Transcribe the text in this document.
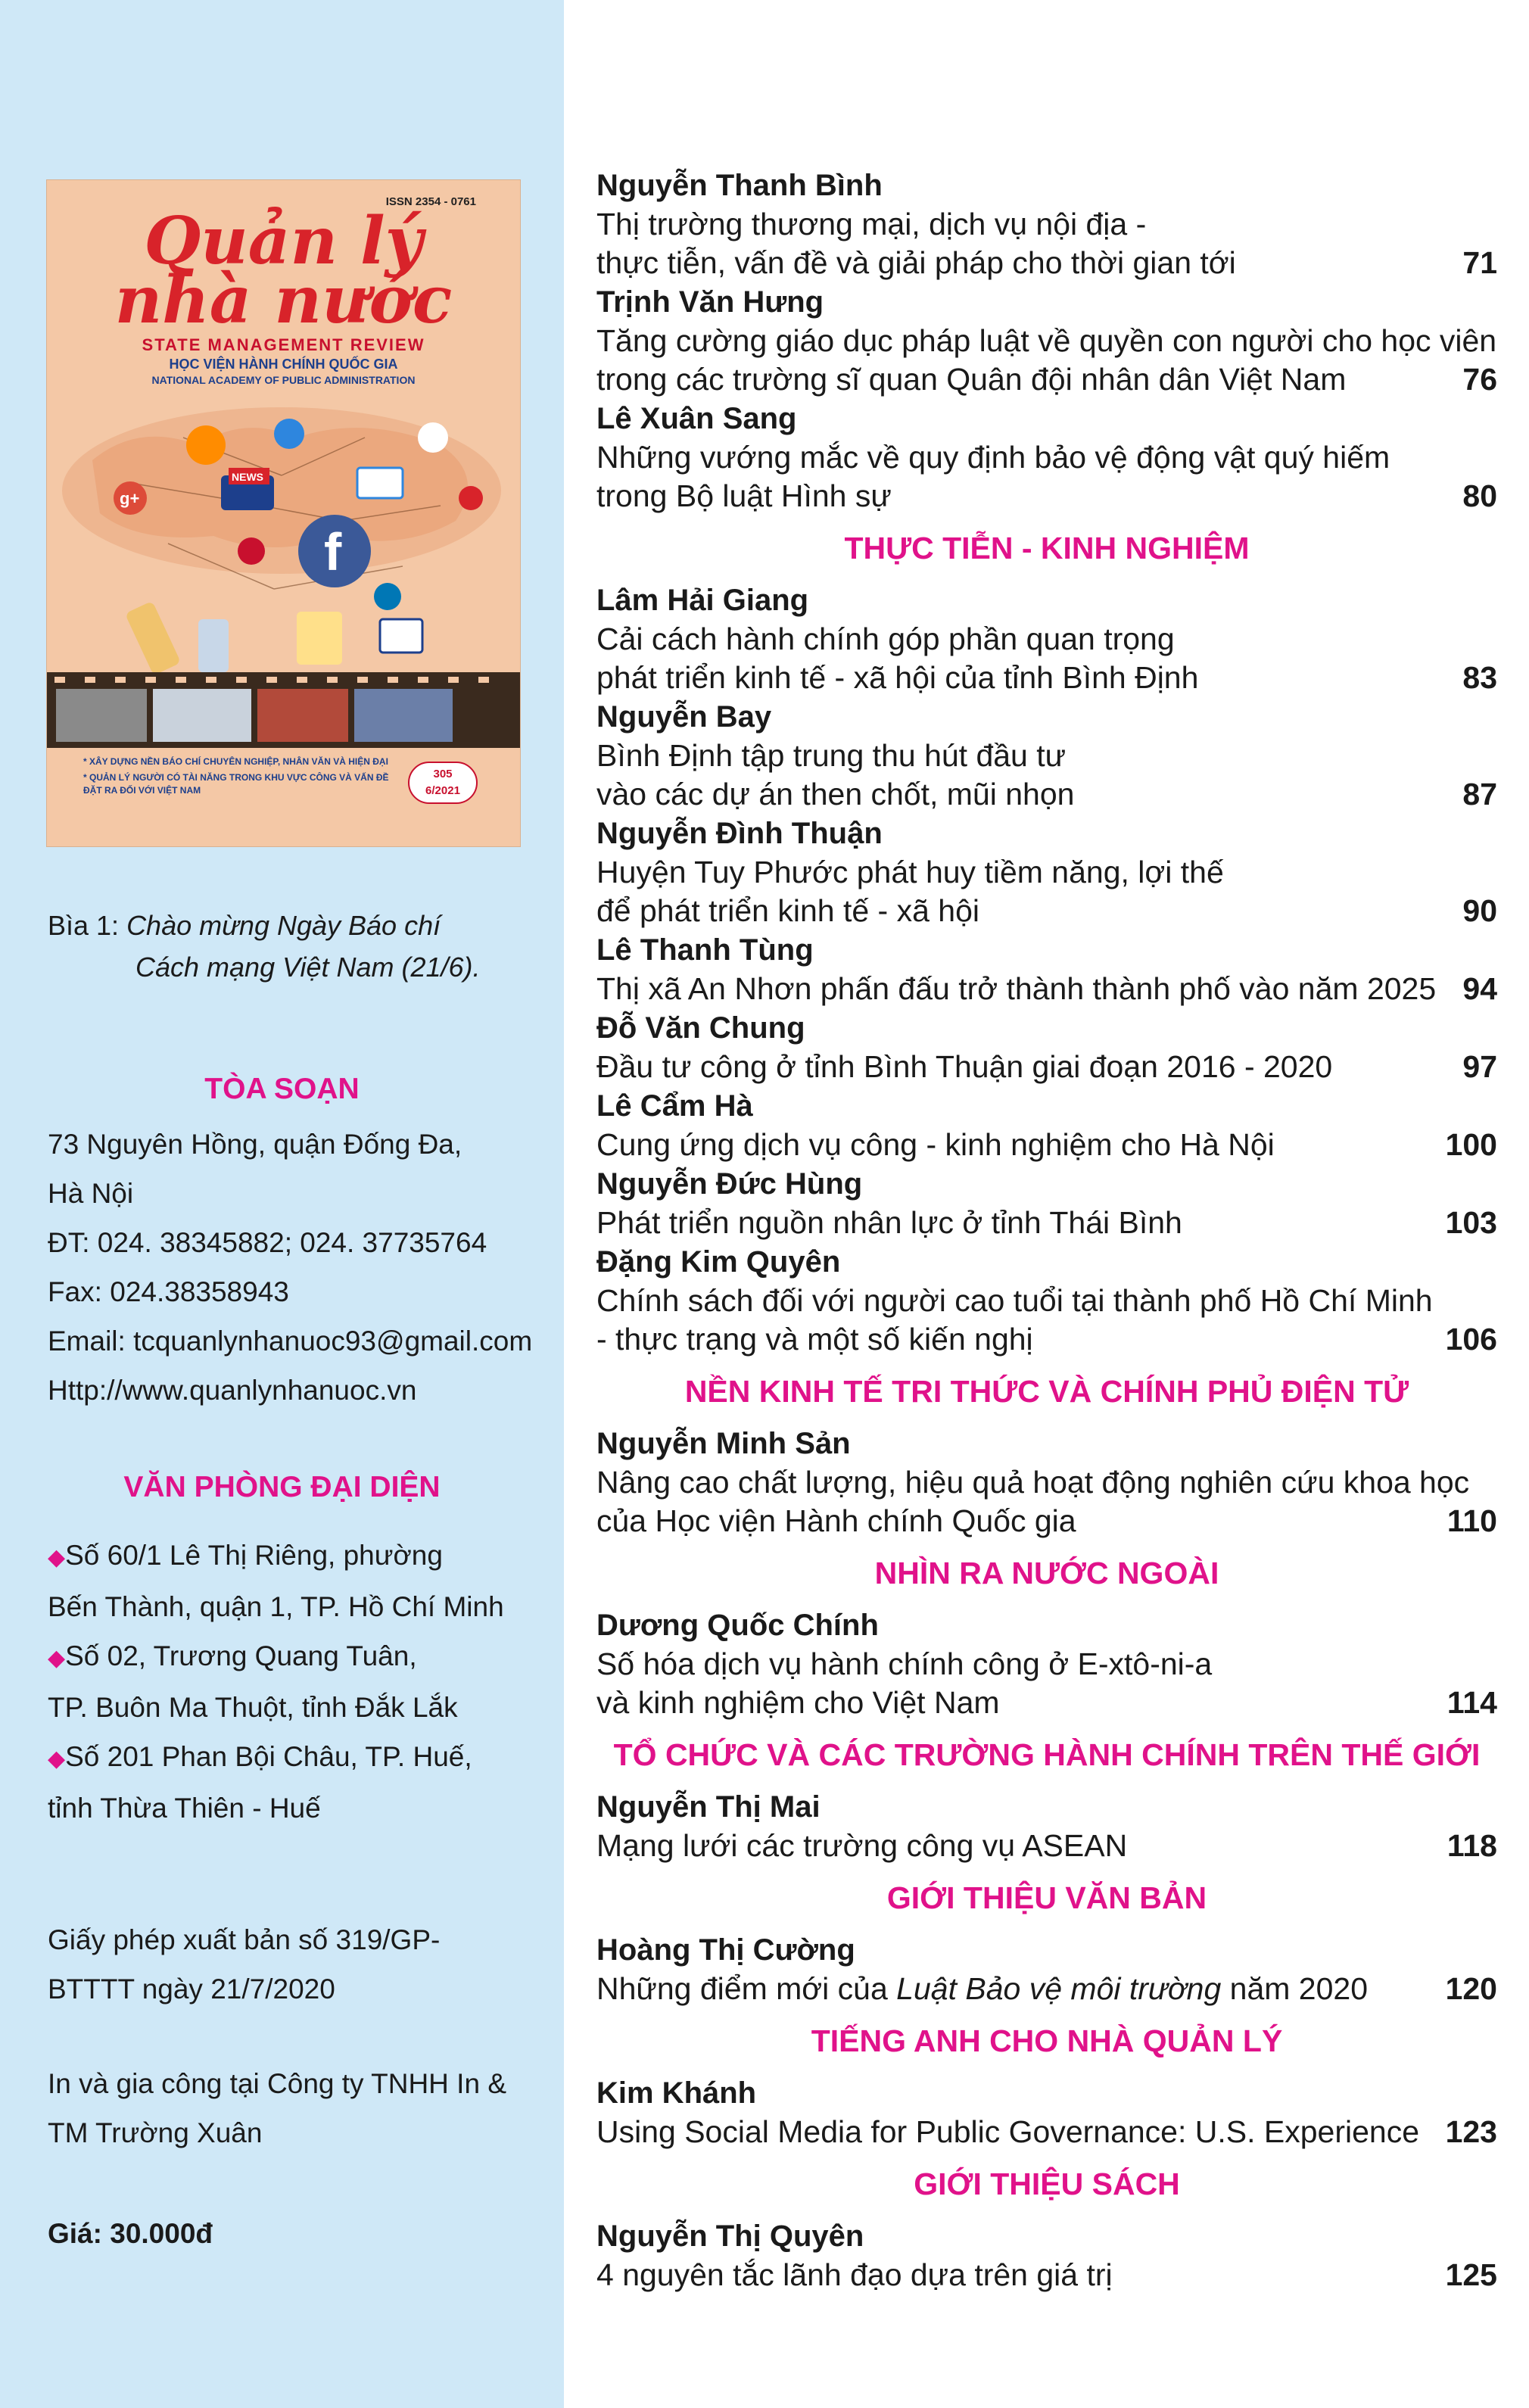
ISSN 2354 - 0761
Quản lý
nhà nước
STATE MANAGEMENT REVIEW
HỌC VIỆN HÀNH CHÍNH QUỐC GIA
NATIONAL ACADEMY OF PUBLIC ADMINISTRATION
f
g+
NEWS

* XÂY DỰNG NỀN BÁO CHÍ CHUYÊN NGHIỆP, NHÂN VĂN VÀ HIỆN ĐẠI

* QUẢN LÝ NGƯỜI CÓ TÀI NĂNG TRONG KHU VỰC CÔNG VÀ VẤN ĐỀ ĐẶT RA ĐỐI VỚI VIỆT NAM

305
6/2021
Bìa 1: Chào mừng Ngày Báo chí
Cách mạng Việt Nam (21/6).
TÒA SOẠN
73 Nguyên Hồng, quận Đống Đa,
Hà Nội
ĐT: 024. 38345882; 024. 37735764
Fax: 024.38358943
Email: tcquanlynhanuoc93@gmail.com
Http://www.quanlynhanuoc.vn
VĂN PHÒNG ĐẠI DIỆN
◆Số 60/1 Lê Thị Riêng, phường
Bến Thành, quận 1, TP. Hồ Chí Minh
◆Số 02, Trương Quang Tuân,
TP. Buôn Ma Thuột, tỉnh Đắk Lắk
◆Số 201 Phan Bội Châu, TP. Huế,
tỉnh Thừa Thiên - Huế
Giấy phép xuất bản số 319/GP-
BTTTT ngày 21/7/2020
In và gia công tại Công ty TNHH In &
TM Trường Xuân
Giá: 30.000đ
Nguyễn Thanh Bình
Thị trường thương mại, dịch vụ nội địa -
thực tiễn, vấn đề và giải pháp cho thời gian tới	71
Trịnh Văn Hưng
Tăng cường giáo dục pháp luật về quyền con người cho học viên
trong các trường sĩ quan Quân đội nhân dân Việt Nam	76
Lê Xuân Sang
Những vướng mắc về quy định bảo vệ động vật quý hiếm
trong Bộ luật Hình sự	80
THỰC TIỄN - KINH NGHIỆM
Lâm Hải Giang
Cải cách hành chính góp phần quan trọng
phát triển kinh tế - xã hội của tỉnh Bình Định	83
Nguyễn Bay
Bình Định tập trung thu hút đầu tư
vào các dự án then chốt, mũi nhọn	87
Nguyễn Đình Thuận
Huyện Tuy Phước phát huy tiềm năng, lợi thế
để phát triển kinh tế - xã hội	90
Lê Thanh Tùng
Thị xã An Nhơn phấn đấu trở thành thành phố vào năm 2025 94
Đỗ Văn Chung
Đầu tư công ở tỉnh Bình Thuận giai đoạn 2016 - 2020	97
Lê Cẩm Hà
Cung ứng dịch vụ công - kinh nghiệm cho Hà Nội	100
Nguyễn Đức Hùng
Phát triển nguồn nhân lực ở tỉnh Thái Bình	103
Đặng Kim Quyên
Chính sách đối với người cao tuổi tại thành phố Hồ Chí Minh
- thực trạng và một số kiến nghị	106
NỀN KINH TẾ TRI THỨC VÀ CHÍNH PHỦ ĐIỆN TỬ
Nguyễn Minh Sản
Nâng cao chất lượng, hiệu quả hoạt động nghiên cứu khoa học
của Học viện Hành chính Quốc gia	110
NHÌN RA NƯỚC NGOÀI
Dương Quốc Chính
Số hóa dịch vụ hành chính công ở E-xtô-ni-a
và kinh nghiệm cho Việt Nam	114
TỔ CHỨC VÀ CÁC TRƯỜNG HÀNH CHÍNH TRÊN THẾ GIỚI
Nguyễn Thị Mai
Mạng lưới các trường công vụ ASEAN	118
GIỚI THIỆU VĂN BẢN
Hoàng Thị Cường
Những điểm mới của Luật Bảo vệ môi trường năm 2020	120
TIẾNG ANH CHO NHÀ QUẢN LÝ
Kim Khánh
Using Social Media for Public Governance: U.S. Experience 123
GIỚI THIỆU SÁCH
Nguyễn Thị Quyên
4 nguyên tắc lãnh đạo dựa trên giá trị	125
